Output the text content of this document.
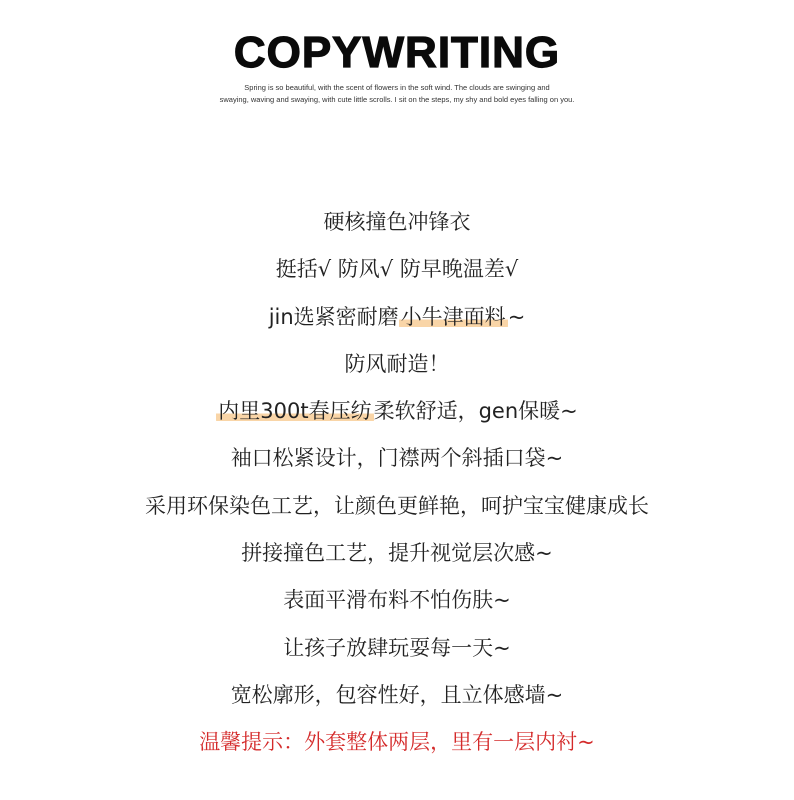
COPYWRITING
Spring is so beautiful, with the scent of flowers in the soft wind. The clouds are swinging and
swaying, waving and swaying, with cute little scrolls. I sit on the steps, my shy and bold eyes falling on you.
硬核撞色冲锋衣
挺括√ 防风√ 防早晚温差√
jin选紧密耐磨小牛津面料~
防风耐造！
内里300t春压纺柔软舒适，gen保暖~
袖口松紧设计，门襟两个斜插口袋~
采用环保染色工艺，让颜色更鲜艳，呵护宝宝健康成长
拼接撞色工艺，提升视觉层次感~
表面平滑布料不怕伤肤~
让孩子放肆玩耍每一天~
宽松廓形，包容性好，且立体感墙~
温馨提示：外套整体两层，里有一层内衬~
